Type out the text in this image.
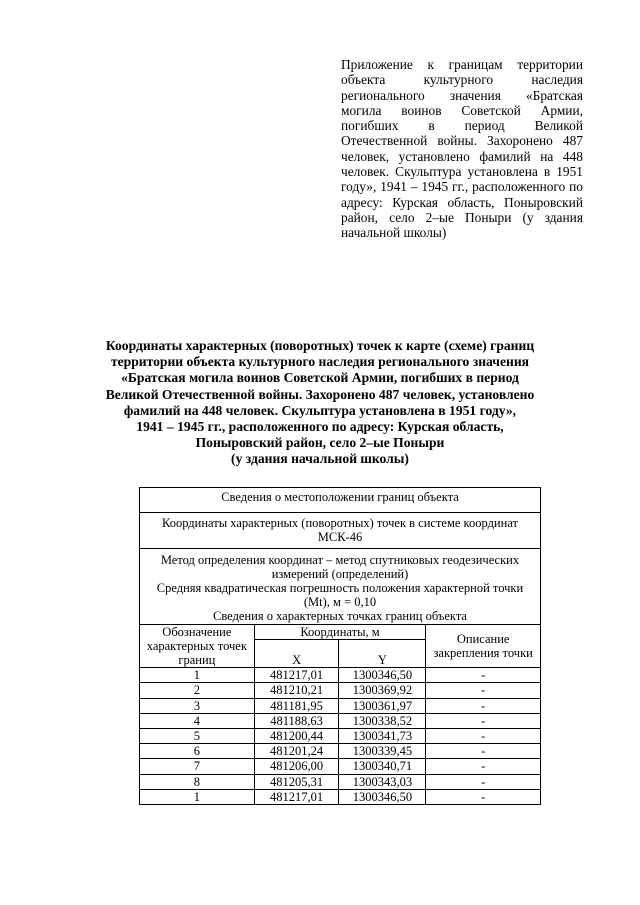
Приложение к границам территории объекта культурного наследия регионального значения «Братская могила воинов Советской Армии, погибших в период Великой Отечественной войны. Захоронено 487 человек, установлено фамилий на 448 человек. Скульптура установлена в 1951 году», 1941 – 1945 гг., расположенного по адресу: Курская область, Поныровский район, село 2–ые Поныри (у здания начальной школы)
Координаты характерных (поворотных) точек к карте (схеме) границ
территории объекта культурного наследия регионального значения
«Братская могила воинов Советской Армии, погибших в период
Великой Отечественной войны. Захоронено 487 человек, установлено
фамилий на 448 человек. Скульптура установлена в 1951 году»,
1941 – 1945 гг., расположенного по адресу: Курская область,
Поныровский район, село 2–ые Поныри
(у здания начальной школы)
Сведения о местоположении границ объекта			
Координаты характерных (поворотных) точек в системе координат МСК-46			

Метод определения координат – метод спутниковых геодезических измерений (определений)
Средняя квадратическая погрешность положения характерной точки (Mt), м = 0,10
Сведения о характерных точках границ объекта			

Обозначение характерных точек границ	Координаты, м		Описание закрепления точки
	X	Y	
1	481217,01	1300346,50	-
2	481210,21	1300369,92	-
3	481181,95	1300361,97	-
4	481188,63	1300338,52	-
5	481200,44	1300341,73	-
6	481201,24	1300339,45	-
7	481206,00	1300340,71	-
8	481205,31	1300343,03	-
1	481217,01	1300346,50	-
